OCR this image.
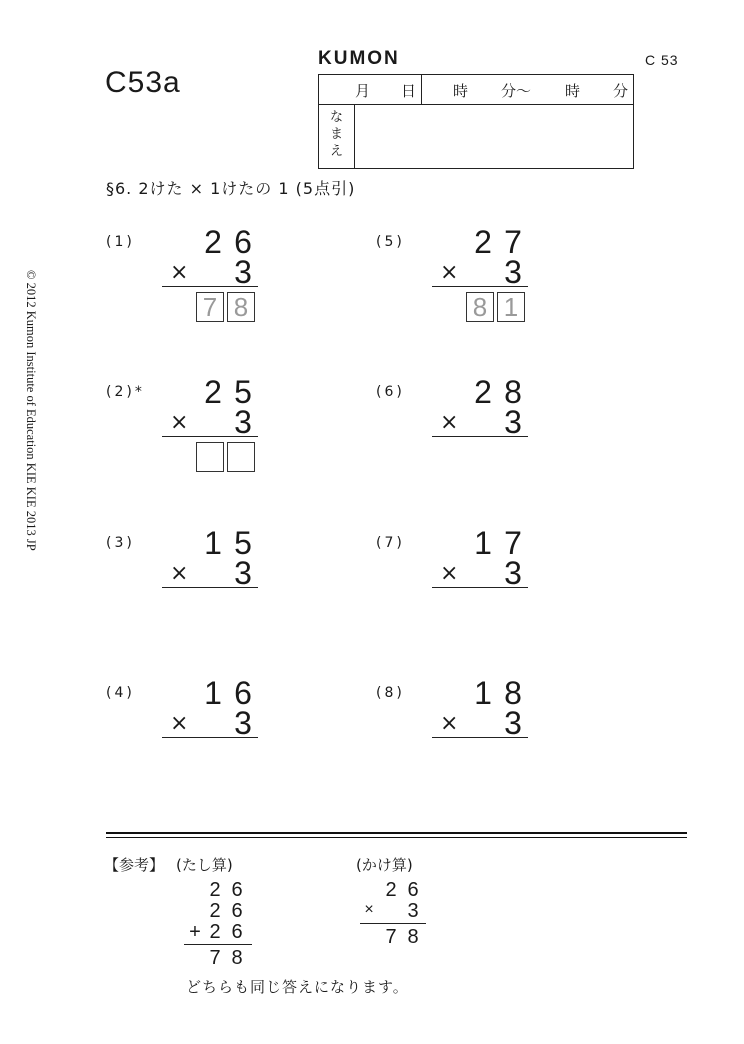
C53a
C 53
KUMON
月 日 時 分〜 時 分
な
ま
え
§6. 2けた × 1けたの 1 (5点引)
© 2012 Kumon Institute of Education KIE KIE 2013 JP
(1) 2 6
× 3
7 8
(2)* 2 5
× 3
(3) 1 5
× 3
(4) 1 6
× 3
(5) 2 7
× 3
8 1
(6) 2 8
× 3
(7) 1 7
× 3
(8) 1 8
× 3
【参考】 (たし算)
2 6
2 6
+ 2 6
7 8
(かけ算)
2 6
×	3
7 8
どちらも同じ答えになります。
